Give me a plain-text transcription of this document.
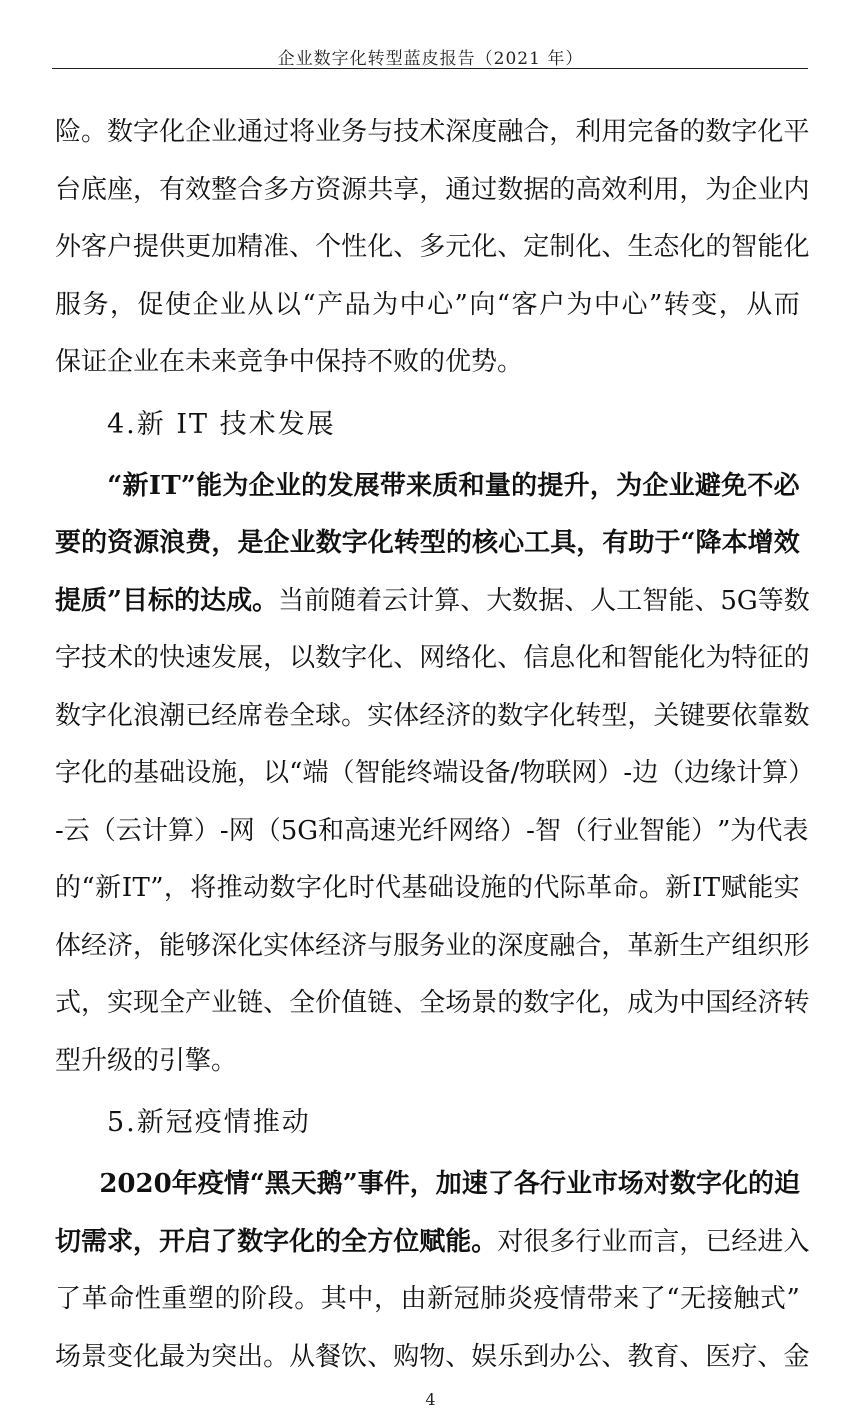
企业数字化转型蓝皮报告（2021 年）
险 。 数 字 化 企 业 通 过 将 业 务 与 技 术 深 度 融 合 ， 利 用 完 备 的 数 字 化 平
台 底 座 ， 有 效 整 合 多 方 资 源 共 享 ， 通 过 数 据 的 高 效 利 用 ， 为 企 业 内
外 客 户 提 供 更 加 精 准 、 个 性 化 、 多 元 化 、 定 制 化 、 生 态 化 的 智 能 化
服 务 ， 促 使 企 业 从 以 “ 产 品 为 中 心 ” 向 “ 客 户 为 中 心 ” 转 变 ， 从 而
保证企业在未来竞争中保持不败的优势。
4.新 IT 技术发展
“ 新 I T ” 能 为 企 业 的 发 展 带 来 质 和 量 的 提 升 ， 为 企 业 避 免 不 必
要 的 资 源 浪 费 ， 是 企 业 数 字 化 转 型 的 核 心 工 具 ， 有 助 于 “ 降 本 增 效
提 质 ” 目 标 的 达 成 。 当 前 随 着 云 计 算 、 大 数 据 、 人 工 智 能 、 5 G 等 数
字 技 术 的 快 速 发 展 ， 以 数 字 化 、 网 络 化 、 信 息 化 和 智 能 化 为 特 征 的
数 字 化 浪 潮 已 经 席 卷 全 球 。 实 体 经 济 的 数 字 化 转 型 ， 关 键 要 依 靠 数
字 化 的 基 础 设 施 ， 以 “ 端 （ 智 能 终 端 设 备 / 物 联 网 ） - 边 （ 边 缘 计 算 ）
- 云 （ 云 计 算 ） - 网 （ 5 G 和 高 速 光 纤 网 络 ） - 智 （ 行 业 智 能 ） ” 为 代 表
的 “ 新 I T ” ， 将 推 动 数 字 化 时 代 基 础 设 施 的 代 际 革 命 。 新 I T 赋 能 实
体 经 济 ， 能 够 深 化 实 体 经 济 与 服 务 业 的 深 度 融 合 ， 革 新 生 产 组 织 形
式 ， 实 现 全 产 业 链 、 全 价 值 链 、 全 场 景 的 数 字 化 ， 成 为 中 国 经 济 转
型升级的引擎。
5.新冠疫情推动
2 0 2 0 年 疫 情 “ 黑 天 鹅 ” 事 件 ， 加 速 了 各 行 业 市 场 对 数 字 化 的 迫
切 需 求 ， 开 启 了 数 字 化 的 全 方 位 赋 能 。 对 很 多 行 业 而 言 ， 已 经 进 入
了 革 命 性 重 塑 的 阶 段 。 其 中 ， 由 新 冠 肺 炎 疫 情 带 来 了 “ 无 接 触 式 ”
场 景 变 化 最 为 突 出 。 从 餐 饮 、 购 物 、 娱 乐 到 办 公 、 教 育 、 医 疗 、 金
4
